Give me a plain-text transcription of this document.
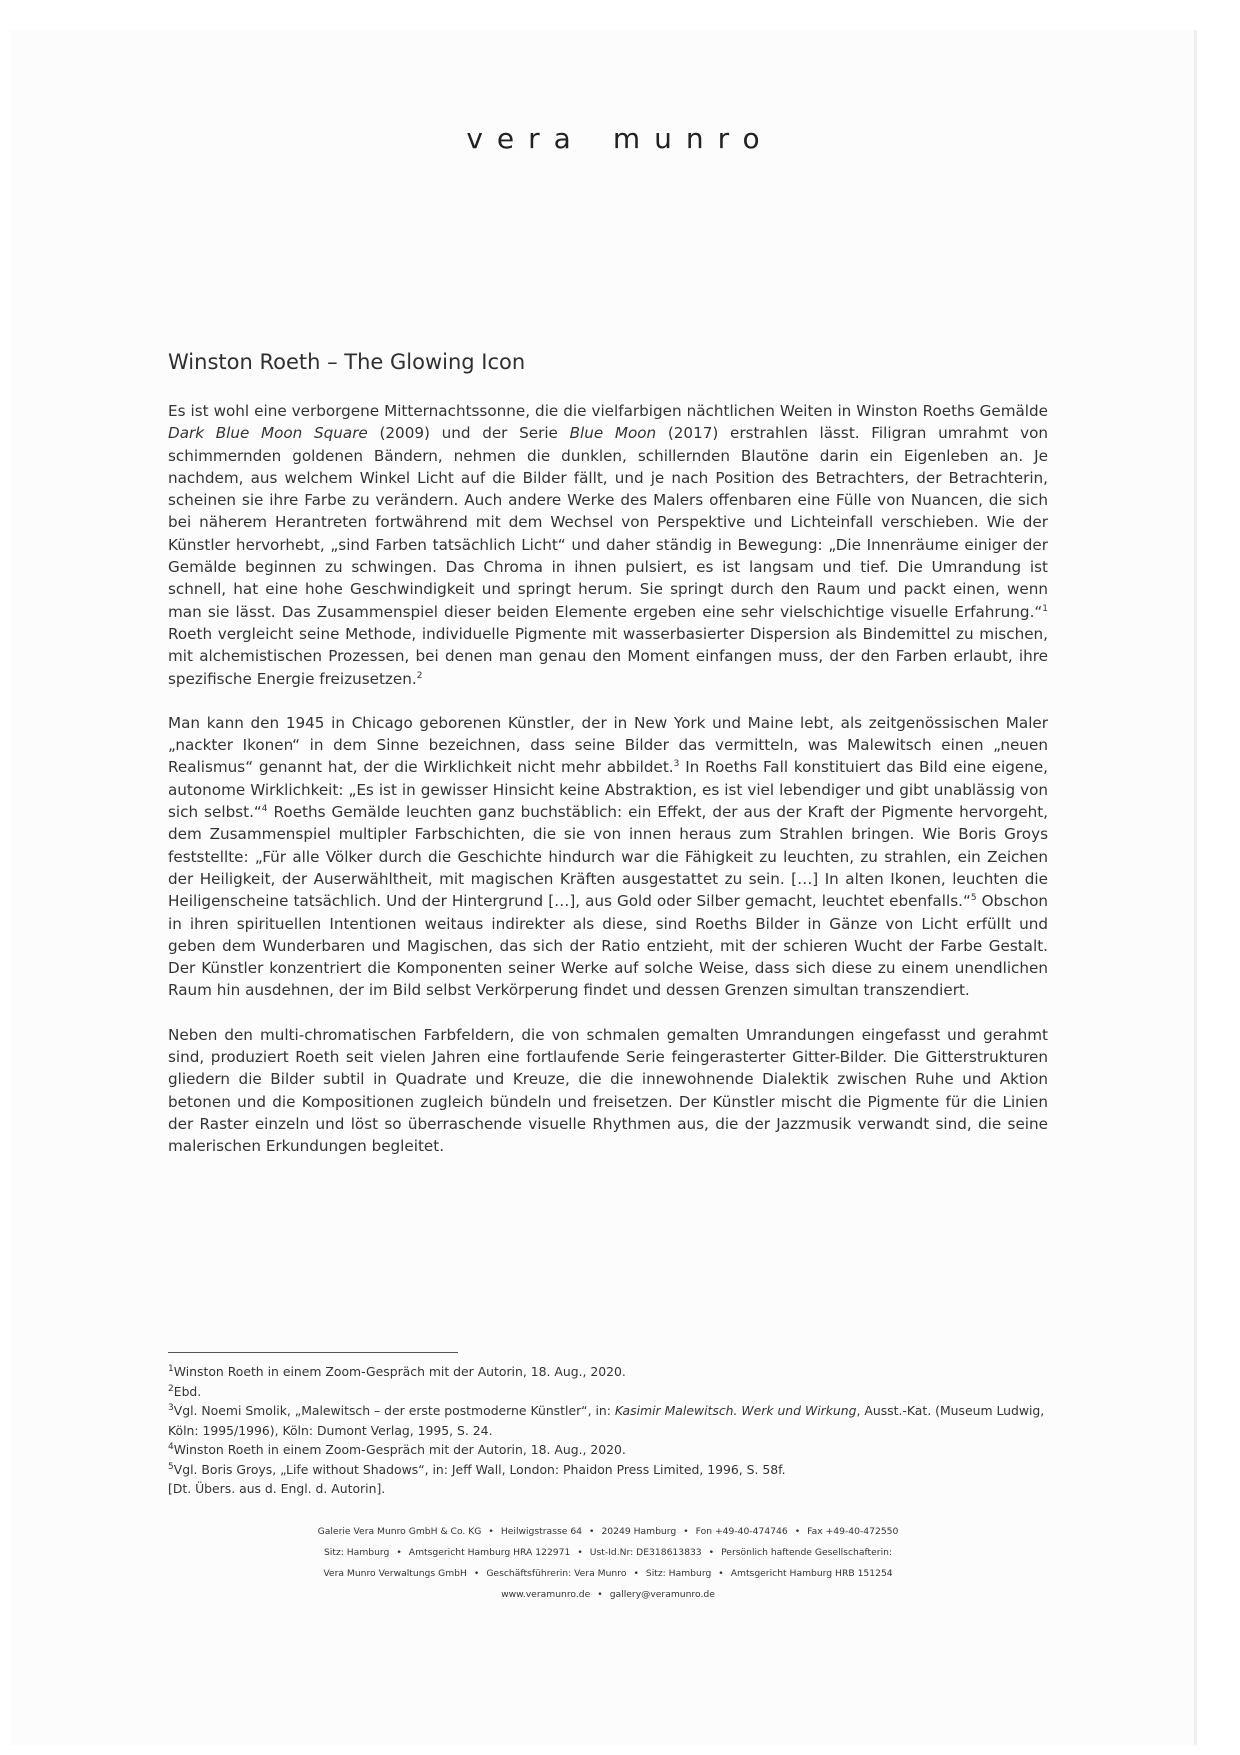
vera munro
Winston Roeth – The Glowing Icon

Es ist wohl eine verborgene Mitternachtssonne, die die vielfarbigen nächtlichen Weiten in Winston Roeths Gemälde Dark Blue Moon Square (2009) und der Serie Blue Moon (2017) erstrahlen lässt. Filigran umrahmt von schimmernden goldenen Bändern, nehmen die dunklen, schillernden Blautöne darin ein Eigenleben an. Je nachdem, aus welchem Winkel Licht auf die Bilder fällt, und je nach Position des Betrachters, der Betrachterin, scheinen sie ihre Farbe zu verändern. Auch andere Werke des Malers offenbaren eine Fülle von Nuancen, die sich bei näherem Herantreten fortwährend mit dem Wechsel von Perspektive und Lichteinfall verschieben. Wie der Künstler hervorhebt, „sind Farben tatsächlich Licht“ und daher ständig in Bewegung: „Die Innenräume einiger der Gemälde beginnen zu schwingen. Das Chroma in ihnen pulsiert, es ist langsam und tief. Die Umrandung ist schnell, hat eine hohe Geschwindigkeit und springt herum. Sie springt durch den Raum und packt einen, wenn man sie lässt. Das Zusammenspiel dieser beiden Elemente ergeben eine sehr vielschichtige visuelle Erfahrung.“$^1$ Roeth vergleicht seine Methode, individuelle Pigmente mit wasserbasierter Dispersion als Bindemittel zu mischen, mit alchemistischen Prozessen, bei denen man genau den Moment einfangen muss, der den Farben erlaubt, ihre spezifische Energie freizusetzen.$^2$

Man kann den 1945 in Chicago geborenen Künstler, der in New York und Maine lebt, als zeitgenössischen Maler „nackter Ikonen“ in dem Sinne bezeichnen, dass seine Bilder das vermitteln, was Malewitsch einen „neuen Realismus“ genannt hat, der die Wirklichkeit nicht mehr abbildet.$^3$ In Roeths Fall konstituiert das Bild eine eigene, autonome Wirklichkeit: „Es ist in gewisser Hinsicht keine Abstraktion, es ist viel lebendiger und gibt unablässig von sich selbst.“$^4$ Roeths Gemälde leuchten ganz buchstäblich: ein Effekt, der aus der Kraft der Pigmente hervorgeht, dem Zusammenspiel multipler Farbschichten, die sie von innen heraus zum Strahlen bringen. Wie Boris Groys feststellte: „Für alle Völker durch die Geschichte hindurch war die Fähigkeit zu leuchten, zu strahlen, ein Zeichen der Heiligkeit, der Auserwähltheit, mit magischen Kräften ausgestattet zu sein. […] In alten Ikonen, leuchten die Heiligenscheine tatsächlich. Und der Hintergrund […], aus Gold oder Silber gemacht, leuchtet ebenfalls.“$^5$ Obschon in ihren spirituellen Intentionen weitaus indirekter als diese, sind Roeths Bilder in Gänze von Licht erfüllt und geben dem Wunderbaren und Magischen, das sich der Ratio entzieht, mit der schieren Wucht der Farbe Gestalt. Der Künstler konzentriert die Komponenten seiner Werke auf solche Weise, dass sich diese zu einem unendlichen Raum hin ausdehnen, der im Bild selbst Verkörperung findet und dessen Grenzen simultan transzendiert.

Neben den multi-chromatischen Farbfeldern, die von schmalen gemalten Umrandungen eingefasst und gerahmt sind, produziert Roeth seit vielen Jahren eine fortlaufende Serie feingerasterter Gitter-Bilder. Die Gitterstrukturen gliedern die Bilder subtil in Quadrate und Kreuze, die die innewohnende Dialektik zwischen Ruhe und Aktion betonen und die Kompositionen zugleich bündeln und freisetzen. Der Künstler mischt die Pigmente für die Linien der Raster einzeln und löst so überraschende visuelle Rhythmen aus, die der Jazzmusik verwandt sind, die seine malerischen Erkundungen begleitet.

$^1$Winston Roeth in einem Zoom-Gespräch mit der Autorin, 18. Aug., 2020.

$^2$Ebd.

$^3$Vgl. Noemi Smolik, „Malewitsch – der erste postmoderne Künstler“, in: Kasimir Malewitsch. Werk und Wirkung, Ausst.-Kat. (Museum Ludwig, Köln: 1995/1996), Köln: Dumont Verlag, 1995, S. 24.

$^4$Winston Roeth in einem Zoom-Gespräch mit der Autorin, 18. Aug., 2020.

$^5$Vgl. Boris Groys, „Life without Shadows“, in: Jeff Wall, London: Phaidon Press Limited, 1996, S. 58f.

[Dt. Übers. aus d. Engl. d. Autorin].

Galerie Vera Munro GmbH & Co. KG • Heilwigstrasse 64 • 20249 Hamburg • Fon +49-40-474746 • Fax +49-40-472550
Sitz: Hamburg • Amtsgericht Hamburg HRA 122971 • Ust-Id.Nr: DE318613833 • Persönlich haftende Gesellschafterin:
Vera Munro Verwaltungs GmbH • Geschäftsführerin: Vera Munro • Sitz: Hamburg • Amtsgericht Hamburg HRB 151254
www.veramunro.de • gallery@veramunro.de
